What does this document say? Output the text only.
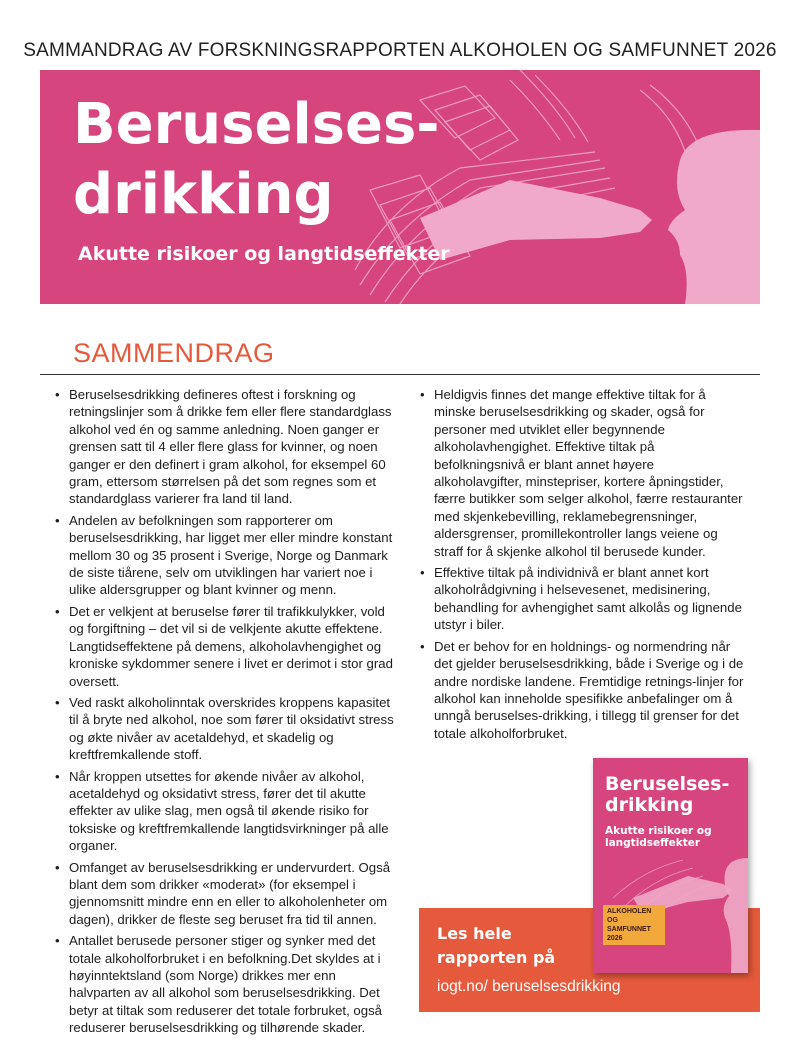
SAMMANDRAG AV FORSKNINGSRAPPORTEN ALKOHOLEN OG SAMFUNNET 2026
Beruselses-
drikking
Akutte risikoer og langtidseffekter
SAMMENDRAG
• Beruselsesdrikking defineres oftest i forskning og retningslinjer som å drikke fem eller flere standardglass alkohol ved én og samme anledning. Noen ganger er grensen satt til 4 eller flere glass for kvinner, og noen ganger er den definert i gram alkohol, for eksempel 60 gram, ettersom størrelsen på det som regnes som et standardglass varierer fra land til land.
• Andelen av befolkningen som rapporterer om beruselsesdrikking, har ligget mer eller mindre konstant mellom 30 og 35 prosent i Sverige, Norge og Danmark de siste tiårene, selv om utviklingen har variert noe i ulike aldersgrupper og blant kvinner og menn.
• Det er velkjent at beruselse fører til trafikkulykker, vold og forgiftning – det vil si de velkjente akutte effektene. Langtidseffektene på demens, alkoholavhengighet og kroniske sykdommer senere i livet er derimot i stor grad oversett.
• Ved raskt alkoholinntak overskrides kroppens kapasitet til å bryte ned alkohol, noe som fører til oksidativt stress og økte nivåer av acetaldehyd, et skadelig og kreftfremkallende stoff.
• Når kroppen utsettes for økende nivåer av alkohol, acetaldehyd og oksidativt stress, fører det til akutte effekter av ulike slag, men også til økende risiko for toksiske og kreftfremkallende langtidsvirkninger på alle organer.
• Omfanget av beruselsesdrikking er undervurdert. Også blant dem som drikker «moderat» (for eksempel i gjennomsnitt mindre enn en eller to alkoholenheter om dagen), drikker de fleste seg beruset fra tid til annen.
• Antallet berusede personer stiger og synker med det totale alkoholforbruket i en befolkning.Det skyldes at i høyinntektsland (som Norge) drikkes mer enn halvparten av all alkohol som beruselsesdrikking. Det betyr at tiltak som reduserer det totale forbruket, også reduserer beruselsesdrikking og tilhørende skader.
• Heldigvis finnes det mange effektive tiltak for å minske beruselsesdrikking og skader, også for personer med utviklet eller begynnende alkoholavhengighet. Effektive tiltak på befolkningsnivå er blant annet høyere alkoholavgifter, minstepriser, kortere åpningstider, færre butikker som selger alkohol, færre restauranter med skjenkebevilling, reklamebegrensninger, aldersgrenser, promillekontroller langs veiene og straff for å skjenke alkohol til berusede kunder.
• Effektive tiltak på individnivå er blant annet kort alkoholrådgivning i helsevesenet, medisinering, behandling for avhengighet samt alkolås og lignende utstyr i biler.
• Det er behov for en holdnings- og normendring når det gjelder beruselsesdrikking, både i Sverige og i de andre nordiske landene. Fremtidige retnings-linjer for alkohol kan inneholde spesifikke anbefalinger om å unngå beruselses-drikking, i tillegg til grenser for det totale alkoholforbruket.
Les hele
rapporten på
iogt.no/ beruselsesdrikking
Beruselses-
drikking
Akutte risikoer og langtidseffekter
ALKOHOLEN OG SAMFUNNET 2026
